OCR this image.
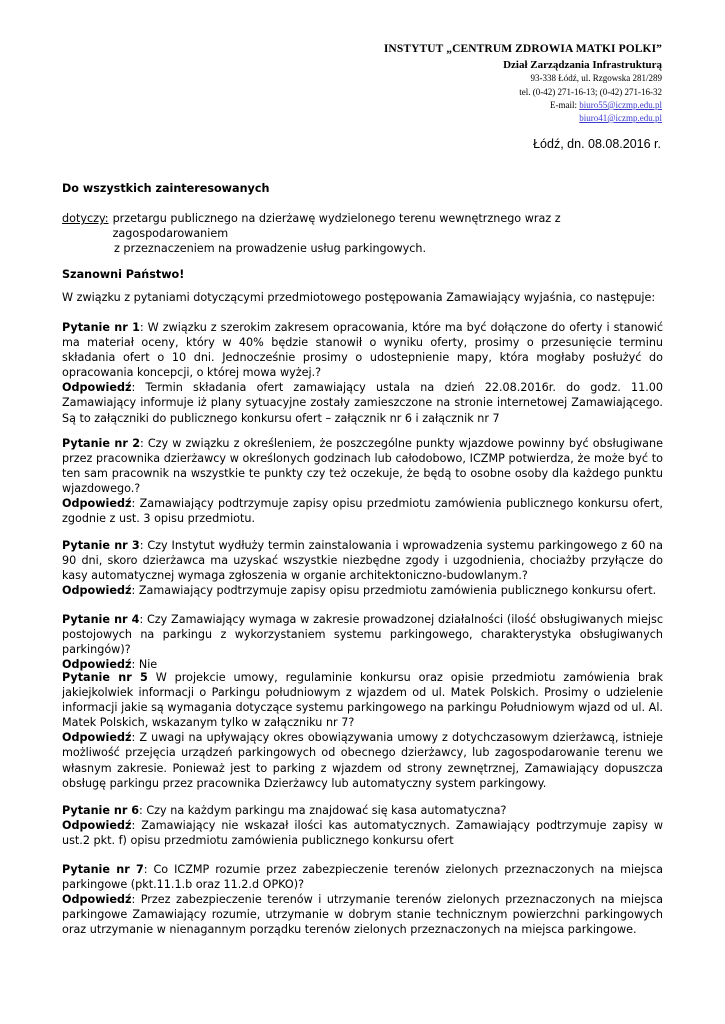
INSTYTUT „CENTRUM ZDROWIA MATKI POLKI”
Dział Zarządzania Infrastrukturą
93-338 Łódź, ul. Rzgowska 281/289
tel. (0-42) 271-16-13; (0-42) 271-16-32
E-mail: biuro55@iczmp.edu.pl
biuro41@iczmp.edu.pl
Łódź, dn. 08.08.2016 r.
Do wszystkich zainteresowanych
dotyczy: przetargu publicznego na dzierżawę wydzielonego terenu wewnętrznego wraz z zagospodarowaniem
z przeznaczeniem na prowadzenie usług parkingowych.
Szanowni Państwo!
W związku z pytaniami dotyczącymi przedmiotowego postępowania Zamawiający wyjaśnia, co następuje:
Pytanie nr 1: W związku z szerokim zakresem opracowania, które ma być dołączone do oferty i stanowić ma materiał oceny, który w 40% będzie stanowił o wyniku oferty, prosimy o przesunięcie terminu składania ofert o 10 dni. Jednocześnie prosimy o udostepnienie mapy, która mogłaby posłużyć do opracowania koncepcji, o której mowa wyżej.?
Odpowiedź: Termin składania ofert zamawiający ustala na dzień 22.08.2016r. do godz. 11.00 Zamawiający informuje iż plany sytuacyjne zostały zamieszczone na stronie internetowej Zamawiającego. Są to załączniki do publicznego konkursu ofert – załącznik nr 6 i załącznik nr 7
Pytanie nr 2: Czy w związku z określeniem, że poszczególne punkty wjazdowe powinny być obsługiwane przez pracownika dzierżawcy w określonych godzinach lub całodobowo, ICZMP potwierdza, że może być to ten sam pracownik na wszystkie te punkty czy też oczekuje, że będą to osobne osoby dla każdego punktu wjazdowego.?
Odpowiedź: Zamawiający podtrzymuje zapisy opisu przedmiotu zamówienia publicznego konkursu ofert, zgodnie z ust. 3 opisu przedmiotu.
Pytanie nr 3: Czy Instytut wydłuży termin zainstalowania i wprowadzenia systemu parkingowego z 60 na 90 dni, skoro dzierżawca ma uzyskać wszystkie niezbędne zgody i uzgodnienia, chociażby przyłącze do kasy automatycznej wymaga zgłoszenia w organie architektoniczno-budowlanym.?
Odpowiedź: Zamawiający podtrzymuje zapisy opisu przedmiotu zamówienia publicznego konkursu ofert.
Pytanie nr 4: Czy Zamawiający wymaga w zakresie prowadzonej działalności (ilość obsługiwanych miejsc postojowych na parkingu z wykorzystaniem systemu parkingowego, charakterystyka obsługiwanych parkingów)?
Odpowiedź: Nie
Pytanie nr 5 W projekcie umowy, regulaminie konkursu oraz opisie przedmiotu zamówienia brak jakiejkolwiek informacji o Parkingu południowym z wjazdem od ul. Matek Polskich. Prosimy o udzielenie informacji jakie są wymagania dotyczące systemu parkingowego na parkingu Południowym wjazd od ul. Al. Matek Polskich, wskazanym tylko w załączniku nr 7?
Odpowiedź: Z uwagi na upływający okres obowiązywania umowy z dotychczasowym dzierżawcą, istnieje możliwość przejęcia urządzeń parkingowych od obecnego dzierżawcy, lub zagospodarowanie terenu we własnym zakresie. Ponieważ jest to parking z wjazdem od strony zewnętrznej, Zamawiający dopuszcza obsługę parkingu przez pracownika Dzierżawcy lub automatyczny system parkingowy.
Pytanie nr 6: Czy na każdym parkingu ma znajdować się kasa automatyczna?
Odpowiedź: Zamawiający nie wskazał ilości kas automatycznych. Zamawiający podtrzymuje zapisy w ust.2 pkt. f) opisu przedmiotu zamówienia publicznego konkursu ofert
Pytanie nr 7: Co ICZMP rozumie przez zabezpieczenie terenów zielonych przeznaczonych na miejsca parkingowe (pkt.11.1.b oraz 11.2.d OPKO)?
Odpowiedź: Przez zabezpieczenie terenów i utrzymanie terenów zielonych przeznaczonych na miejsca parkingowe Zamawiający rozumie, utrzymanie w dobrym stanie technicznym powierzchni parkingowych oraz utrzymanie w nienagannym porządku terenów zielonych przeznaczonych na miejsca parkingowe.
